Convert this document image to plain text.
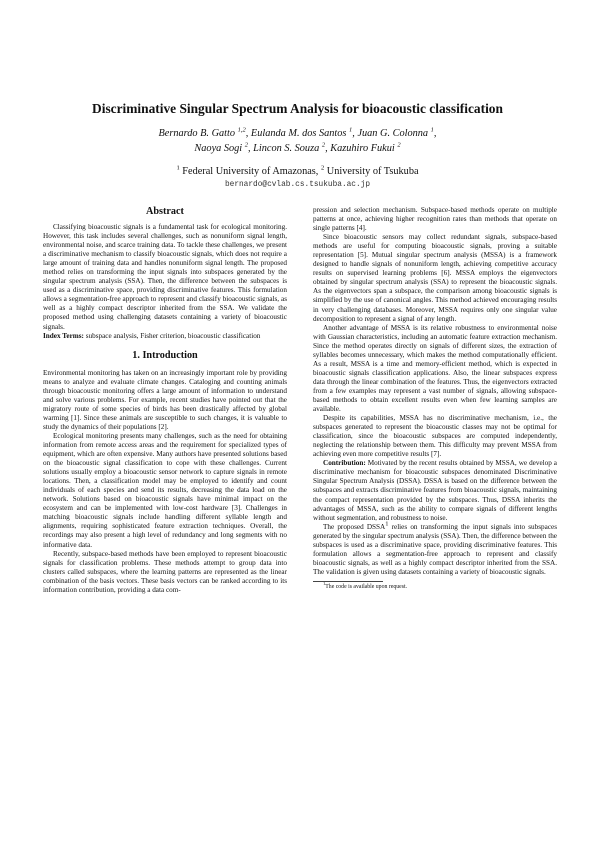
Discriminative Singular Spectrum Analysis for bioacoustic classification
Bernardo B. Gatto $^{1,2}$, Eulanda M. dos Santos $^1$, Juan G. Colonna $^1$,
Naoya Sogi $^2$, Lincon S. Souza $^2$, Kazuhiro Fukui $^2$
$^1$ Federal University of Amazonas, $^2$ University of Tsukuba
bernardo@cvlab.cs.tsukuba.ac.jp
Abstract

Classifying bioacoustic signals is a fundamental task for ecological monitoring. However, this task includes several challenges, such as nonuniform signal length, environmental noise, and scarce training data. To tackle these challenges, we present a discriminative mechanism to classify bioacoustic signals, which does not require a large amount of training data and handles nonuniform signal length. The proposed method relies on transforming the input signals into subspaces generated by the singular spectrum analysis (SSA). Then, the difference between the subspaces is used as a discriminative space, providing discriminative features. This formulation allows a segmentation-free approach to represent and classify bioacoustic signals, as well as a highly compact descriptor inherited from the SSA. We validate the proposed method using challenging datasets containing a variety of bioacoustic signals.

Index Terms: subspace analysis, Fisher criterion, bioacoustic classification

1. Introduction

Environmental monitoring has taken on an increasingly important role by providing means to analyze and evaluate climate changes. Cataloging and counting animals through bioacoustic monitoring offers a large amount of information to understand and solve various problems. For example, recent studies have pointed out that the migratory route of some species of birds has been drastically affected by global warming [1]. Since these animals are susceptible to such changes, it is valuable to study the dynamics of their populations [2].

Ecological monitoring presents many challenges, such as the need for obtaining information from remote access areas and the requirement for specialized types of equipment, which are often expensive. Many authors have presented solutions based on the bioacoustic signal classification to cope with these challenges. Current solutions usually employ a bioacoustic sensor network to capture signals in remote locations. Then, a classification model may be employed to identify and count individuals of each species and send its results, decreasing the data load on the network. Solutions based on bioacoustic signals have minimal impact on the ecosystem and can be implemented with low-cost hardware [3]. Challenges in matching bioacoustic signals include handling different syllable length and alignments, requiring sophisticated feature extraction techniques. Overall, the recordings may also present a high level of redundancy and long segments with no informative data.

Recently, subspace-based methods have been employed to represent bioacoustic signals for classification problems. These methods attempt to group data into clusters called subspaces, where the learning patterns are represented as the linear combination of the basis vectors. These basis vectors can be ranked according to its information contribution, providing a data com-

pression and selection mechanism. Subspace-based methods operate on multiple patterns at once, achieving higher recognition rates than methods that operate on single patterns [4].

Since bioacoustic sensors may collect redundant signals, subspace-based methods are useful for computing bioacoustic signals, proving a suitable representation [5]. Mutual singular spectrum analysis (MSSA) is a framework designed to handle signals of nonuniform length, achieving competitive accuracy results on supervised learning problems [6]. MSSA employs the eigenvectors obtained by singular spectrum analysis (SSA) to represent the bioacoustic signals. As the eigenvectors span a subspace, the comparison among bioacoustic signals is simplified by the use of canonical angles. This method achieved encouraging results in very challenging databases. Moreover, MSSA requires only one singular value decomposition to represent a signal of any length.

Another advantage of MSSA is its relative robustness to environmental noise with Gaussian characteristics, including an automatic feature extraction mechanism. Since the method operates directly on signals of different sizes, the extraction of syllables becomes unnecessary, which makes the method computationally efficient. As a result, MSSA is a time and memory-efficient method, which is expected in bioacoustic signals classification applications. Also, the linear subspaces express data through the linear combination of the features. Thus, the eigenvectors extracted from a few examples may represent a vast number of signals, allowing subspace-based methods to obtain excellent results even when few learning samples are available.

Despite its capabilities, MSSA has no discriminative mechanism, i.e., the subspaces generated to represent the bioacoustic classes may not be optimal for classification, since the bioacoustic subspaces are computed independently, neglecting the relationship between them. This difficulty may prevent MSSA from achieving even more competitive results [7].

Contribution: Motivated by the recent results obtained by MSSA, we develop a discriminative mechanism for bioacoustic subspaces denominated Discriminative Singular Spectrum Analysis (DSSA). DSSA is based on the difference between the subspaces and extracts discriminative features from bioacoustic signals, maintaining the compact representation provided by the subspaces. Thus, DSSA inherits the advantages of MSSA, such as the ability to compare signals of different lengths without segmentation, and robustness to noise.

The proposed DSSA$^1$ relies on transforming the input signals into subspaces generated by the singular spectrum analysis (SSA). Then, the difference between the subspaces is used as a discriminative space, providing discriminative features. This formulation allows a segmentation-free approach to represent and classify bioacoustic signals, as well as a highly compact descriptor inherited from the SSA. The validation is given using datasets containing a variety of bioacoustic signals.

$^1$The code is available upon request.
